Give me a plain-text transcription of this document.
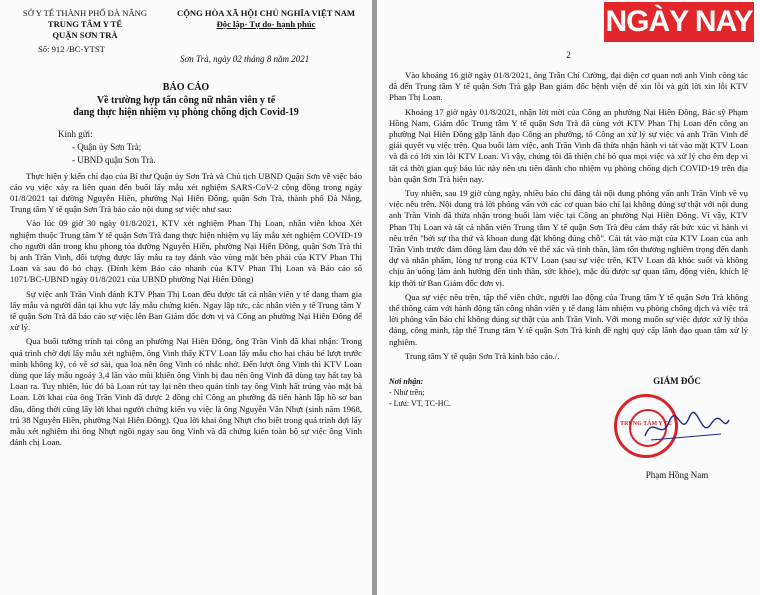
SỞ Y TẾ THÀNH PHỐ ĐÀ NẴNG
TRUNG TÂM Y TẾ
QUẬN SƠN TRÀ
CỘNG HÒA XÃ HỘI CHỦ NGHĨA VIỆT NAM
Độc lập- Tự do- hạnh phúc
Số: 912 /BC-YTST
Sơn Trà, ngày 02 tháng 8 năm 2021
BÁO CÁO
Về trường hợp tấn công nữ nhân viên y tế
đang thực hiện nhiệm vụ phòng chống dịch Covid-19
Kính gửi:
- Quận ủy Sơn Trà;
- UBND quận Sơn Trà.

Thực hiện ý kiến chỉ đạo của Bí thư Quận ủy Sơn Trà và Chủ tịch UBND Quận Sơn về việc báo cáo vụ việc xảy ra liên quan đến buổi lấy mẫu xét nghiệm SARS-CoV-2 cộng đồng trong ngày 01/8/2021 tại đường Nguyễn Hiền, phường Nại Hiên Đông, quận Sơn Trà, thành phố Đà Nẵng, Trung tâm Y tế quận Sơn Trà báo cáo nội dung sự việc như sau:

Vào lúc 09 giờ 30 ngày 01/8/2021, KTV xét nghiệm Phan Thị Loan, nhân viên khoa Xét nghiệm thuộc Trung tâm Y tế quận Sơn Trà đang thực hiện nhiệm vụ lấy mẫu xét nghiệm COVID-19 cho người dân trong khu phong tỏa đường Nguyễn Hiền, phường Nại Hiên Đông, quận Sơn Trà thì bị anh Trần Vinh, đối tượng được lấy mẫu ra tay đánh vào vùng mặt bên phải của KTV Phan Thị Loan và sau đó bỏ chạy. (Đính kèm Báo cáo nhanh của KTV Phan Thị Loan và Báo cáo số 1071/BC-UBND ngày 01/8/2021 của UBND phường Nại Hiên Đông)

Sự việc anh Trần Vinh đánh KTV Phan Thị Loan đều được tất cả nhân viên y tế đang tham gia lấy mẫu và người dân tại khu vực lấy mẫu chứng kiến. Ngay lập tức, các nhân viên y tế Trung tâm Y tế quận Sơn Trà đã báo cáo sự việc lên Ban Giám đốc đơn vị và Công an phường Nại Hiên Đông để xử lý.

Qua buổi tường trình tại công an phường Nại Hiên Đông, ông Trần Vinh đã khai nhận: Trong quá trình chờ đợi lấy mẫu xét nghiệm, ông Vinh thấy KTV Loan lấy mẫu cho hai cháu bé lượt trước mình không kỹ, có về sơ sài, qua loa nên ông Vinh có nhắc nhở. Đến lượt ông Vinh thì KTV Loan dùng que lấy mẫu ngoáy 3,4 lần vào mũi khiến ông Vinh bị đau nên ông Vinh đã dùng tay hất tay bà Loan ra. Tuy nhiên, lúc đó bà Loan rút tay lại nên theo quán tính tay ông Vinh hất trúng vào mặt bà Loan. Lời khai của ông Trần Vinh đã được 2 đồng chí Công an phường đã tiến hành lập hồ sơ ban đầu, đồng thời cũng lấy lời khai người chứng kiến vụ việc là ông Nguyễn Văn Nhựt (sinh năm 1968, trú 38 Nguyễn Hiền, phường Nại Hiên Đông). Qua lời khai ông Nhựt cho biết trong quá trình đợi lấy mẫu xét nghiệm thì ông Nhựt ngồi ngay sau ông Vinh và đã chứng kiến toàn bộ sự việc ông Vinh đánh chị Loan.

NGÀY NAY
2

Vào khoảng 16 giờ ngày 01/8/2021, ông Trần Chí Cường, đại diện cơ quan nơi anh Vinh công tác đã đến Trung tâm Y tế quận Sơn Trà gặp Ban giám đốc bệnh viện để xin lỗi và gửi lời xin lỗi KTV Phan Thị Loan.

Khoảng 17 giờ ngày 01/8/2021, nhận lời mời của Công an phường Nại Hiên Đông, Bác sỹ Phạm Hồng Nam, Giám đốc Trung tâm Y tế quận Sơn Trà đã cùng với KTV Phan Thị Loan đến công an phường Nại Hiên Đông gặp lãnh đạo Công an phường, tổ Công an xử lý sự việc và anh Trần Vinh để giải quyết vụ việc trên. Qua buổi làm việc, anh Trần Vinh đã thừa nhận hành vi tát vào mặt KTV Loan và đã có lời xin lỗi KTV Loan. Vì vậy, chúng tôi đã thiện chí bỏ qua mọi việc và xử lý cho êm đẹp vì tất cả thời gian quý báu lúc này nên ưu tiên dành cho nhiệm vụ phòng chống dịch COVID-19 trên địa bàn quận Sơn Trà hiện nay.

Tuy nhiên, sau 19 giờ cùng ngày, nhiều báo chí đăng tải nội dung phỏng vấn anh Trần Vinh về vụ việc nêu trên. Nội dung trả lời phỏng vấn với các cơ quan báo chí lại không đúng sự thật với nội dung anh Trần Vinh đã thừa nhận trong buổi làm việc tại Công an phường Nại Hiên Đông. Vì vậy, KTV Phan Thị Loan và tất cả nhân viên Trung tâm Y tế quận Sơn Trà đều cảm thấy rất bức xúc vì hành vi nêu trên "bởi sự tha thứ và khoan dung đặt không đúng chỗ". Cái tát vào mặt của KTV Loan của anh Trần Vinh trước đám đông làm đau đớn về thể xác và tinh thần, làm tổn thương nghiêm trọng đến danh dự và nhân phẩm, lòng tự trọng của KTV Loan (sau sự việc trên, KTV Loan đã khóc suốt và không chịu ăn uống làm ảnh hưởng đến tinh thần, sức khỏe), mặc dù được sự quan tâm, động viên, khích lệ kịp thời từ Ban Giám đốc đơn vị.

Qua sự việc nêu trên, tập thể viên chức, người lao động của Trung tâm Y tế quận Sơn Trà không thể thông cảm với hành động tấn công nhân viên y tế đang làm nhiệm vụ phòng chống dịch và việc trả lời phỏng vấn báo chí không đúng sự thật của anh Trần Vinh. Với mong muốn sự việc được xử lý thỏa đáng, công minh, tập thể Trung tâm Y tế quận Sơn Trà kính đề nghị quý cấp lãnh đạo quan tâm xử lý nghiêm.

Trung tâm Y tế quận Sơn Trà kính báo cáo./.

Nơi nhận:
- Như trên;
- Lưu: VT, TC-HC.
GIÁM ĐỐC
TRUNG TÂM Y TẾ
Phạm Hồng Nam
